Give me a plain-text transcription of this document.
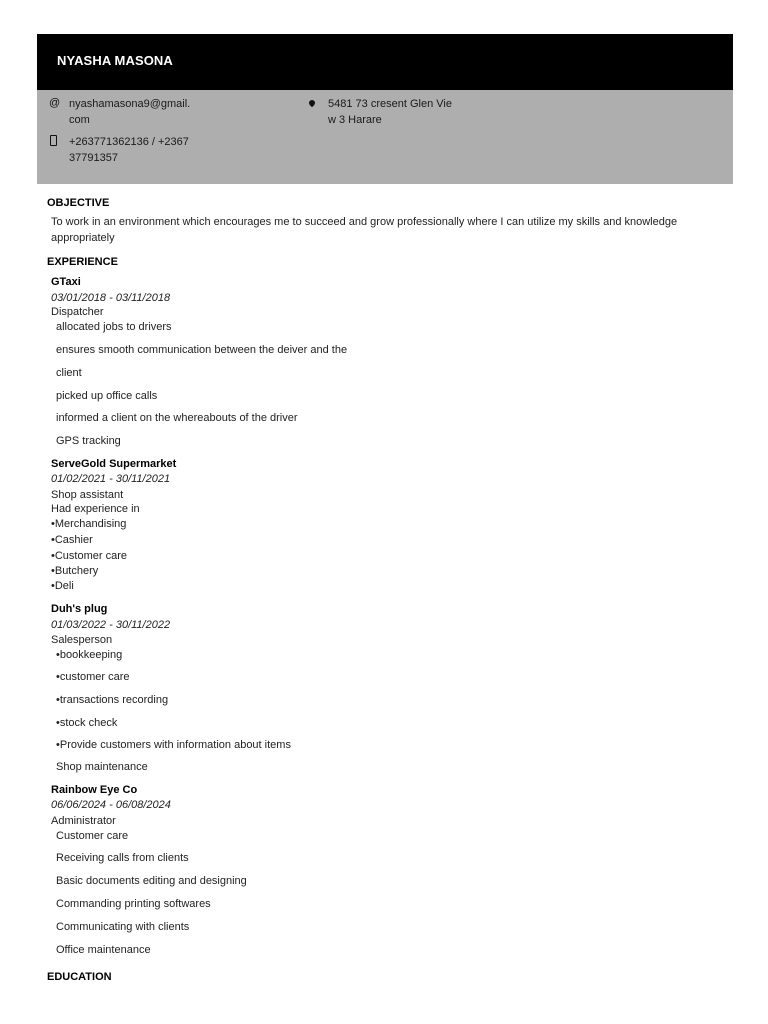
NYASHA MASONA
@ nyashamasona9@gmail.
com
+263771362136 / +2367
37791357
5481 73 cresent Glen Vie
w 3 Harare
OBJECTIVE
To work in an environment which encourages me to succeed and grow professionally where I can utilize my skills and knowledge appropriately
EXPERIENCE
GTaxi
03/01/2018 - 03/11/2018
Dispatcher
allocated jobs to drivers
ensures smooth communication between the deiver and the
client
picked up office calls
informed a client on the whereabouts of the driver
GPS tracking
ServeGold Supermarket
01/02/2021 - 30/11/2021
Shop assistant
Had experience in
•Merchandising
•Cashier
•Customer care
•Butchery
•Deli
Duh's plug
01/03/2022 - 30/11/2022
Salesperson
•bookkeeping
•customer care
•transactions recording
•stock check
•Provide customers with information about items
Shop maintenance
Rainbow Eye Co
06/06/2024 - 06/08/2024
Administrator
Customer care
Receiving calls from clients
Basic documents editing and designing
Commanding printing softwares
Communicating with clients
Office maintenance
EDUCATION
